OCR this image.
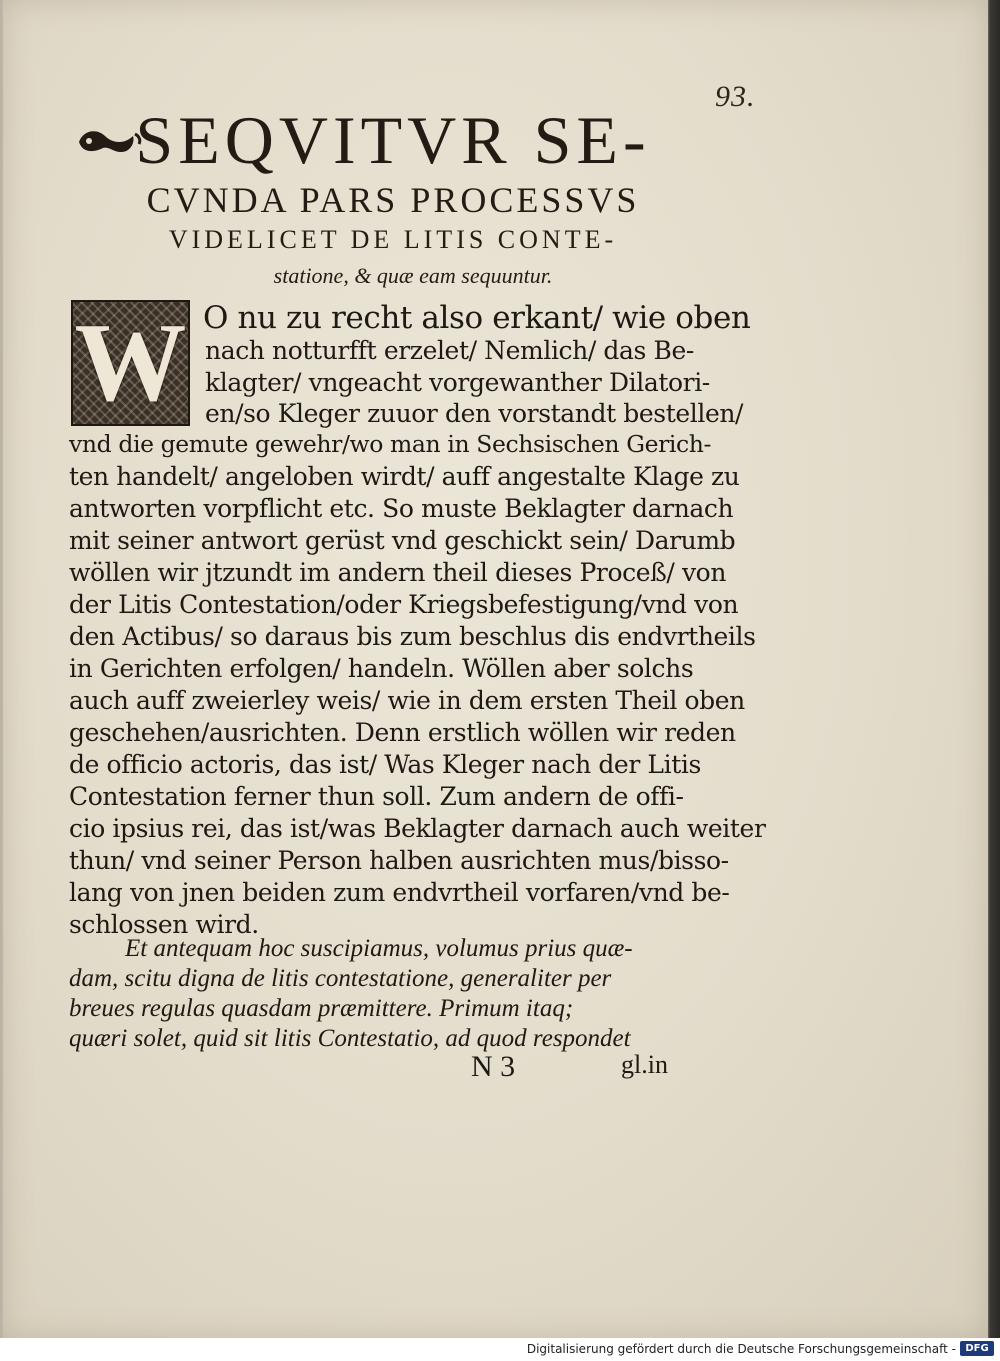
93.
SEQVITVR SE-
CVNDA PARS PROCESSVS
VIDELICET DE LITIS CONTE-
statione, & quæ eam sequuntur.
W O nu zu recht also erkant/ wie oben
nach notturfft erzelet/ Nemlich/ das Be-
klagter/ vngeacht vorgewanther Dilatori-
en/so Kleger zuuor den vorstandt bestellen/
vnd die gemute gewehr/wo man in Sechsischen Gerich-
ten handelt/ angeloben wirdt/ auff angestalte Klage zu
antworten vorpflicht etc. So muste Beklagter darnach
mit seiner antwort gerüst vnd geschickt sein/ Darumb
wöllen wir jtzundt im andern theil dieses Proceß/ von
der Litis Contestation/oder Kriegsbefestigung/vnd von
den Actibus/ so daraus bis zum beschlus dis endvrtheils
in Gerichten erfolgen/ handeln. Wöllen aber solchs
auch auff zweierley weis/ wie in dem ersten Theil oben
geschehen/ausrichten. Denn erstlich wöllen wir reden
de officio actoris, das ist/ Was Kleger nach der Litis
Contestation ferner thun soll. Zum andern de offi-
cio ipsius rei, das ist/was Beklagter darnach auch weiter
thun/ vnd seiner Person halben ausrichten mus/bisso-
lang von jnen beiden zum endvrtheil vorfaren/vnd be-
schlossen wird.
Et antequam hoc suscipiamus, volumus prius quæ-
dam, scitu digna de litis contestatione, generaliter per
breues regulas quasdam præmittere. Primum itaq;
quæri solet, quid sit litis Contestatio, ad quod respondet
N 3	gl.in
Digitalisierung gefördert durch die Deutsche Forschungsgemeinschaft - DFG
